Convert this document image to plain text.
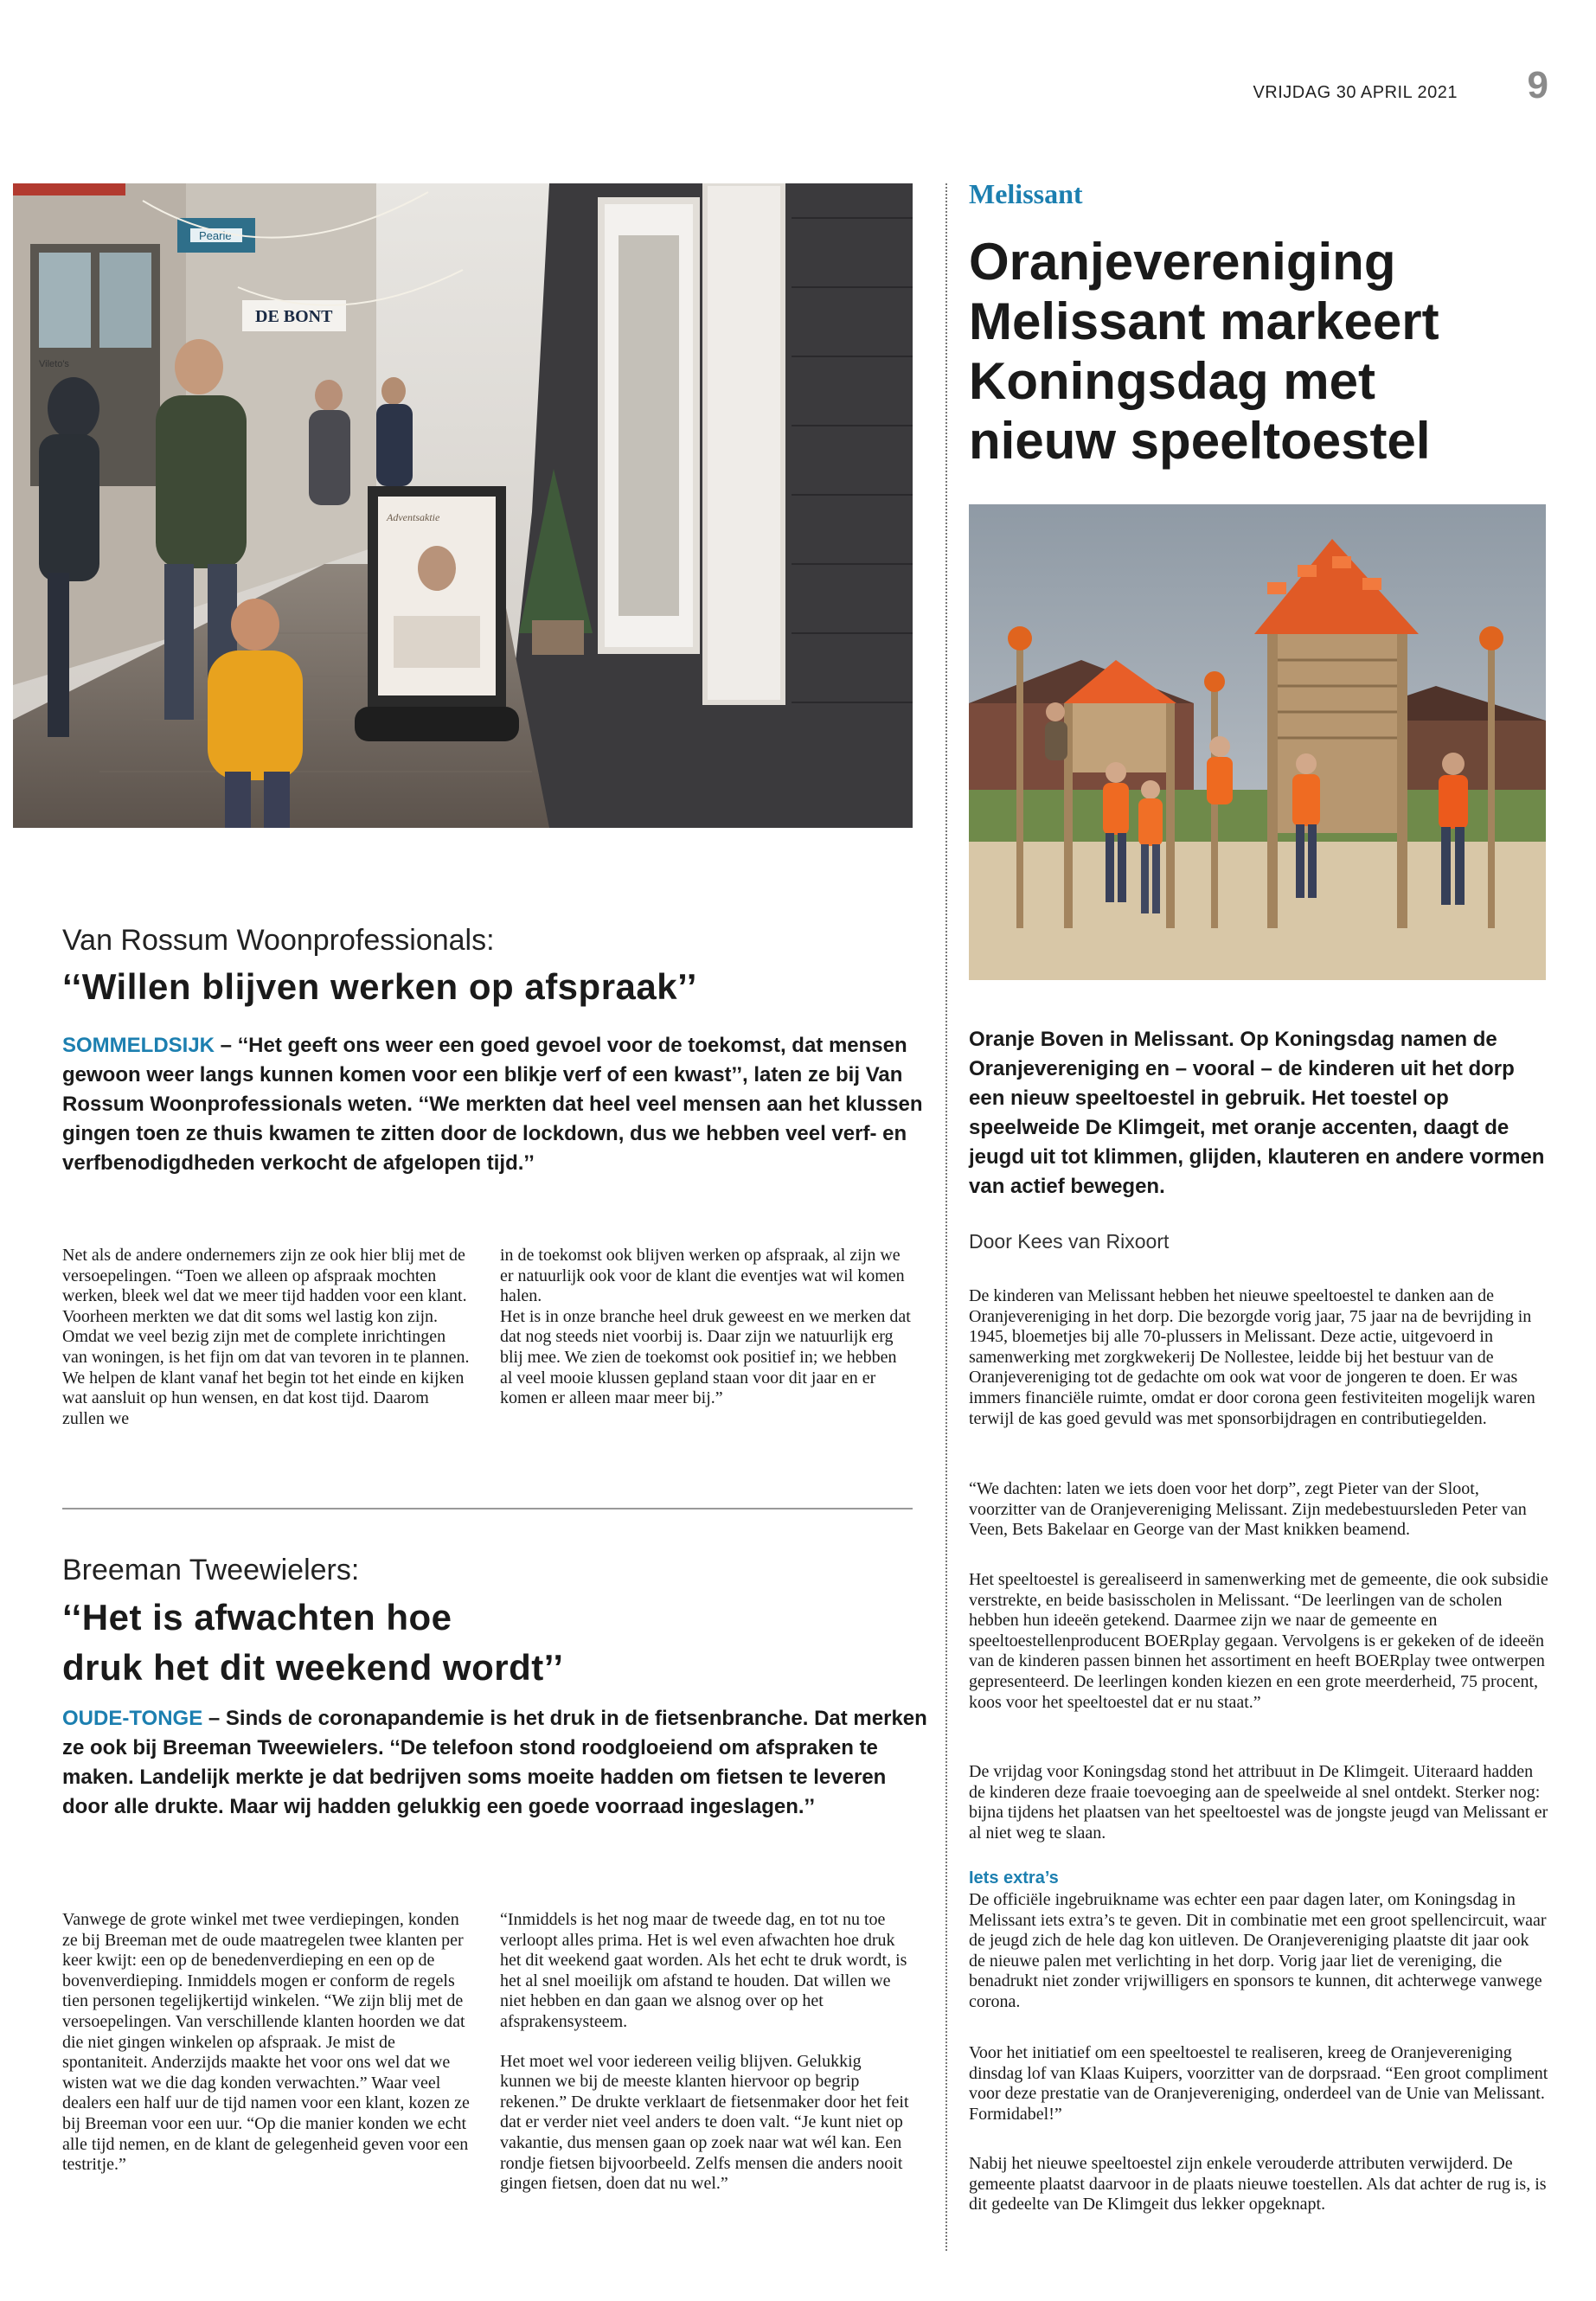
VRIJDAG 30 APRIL 2021 9
DE BONT
Pearle
Vileto's
Adventsaktie
Van Rossum Woonprofessionals:
‘‘Willen blijven werken op afspraak’’
SOMMELDSIJK – ‘‘Het geeft ons weer een goed gevoel voor de toekomst, dat mensen gewoon weer langs kunnen komen voor een blikje verf of een kwast’’, laten ze bij Van Rossum Woonprofessionals weten. ‘‘We merkten dat heel veel mensen aan het klussen gingen toen ze thuis kwamen te zitten door de lockdown, dus we hebben veel verf- en verfbenodigdheden verkocht de afgelopen tijd.’’

Net als de andere ondernemers zijn ze ook hier blij met de versoepelingen. “Toen we alleen op afspraak mochten werken, bleek wel dat we meer tijd hadden voor een klant. Voorheen merkten we dat dit soms wel lastig kon zijn. Omdat we veel bezig zijn met de complete inrichtingen van woningen, is het fijn om dat van tevoren in te plannen. We helpen de klant vanaf het begin tot het einde en kijken wat aansluit op hun wensen, en dat kost tijd. Daarom zullen we

in de toekomst ook blijven werken op afspraak, al zijn we er natuurlijk ook voor de klant die eventjes wat wil komen halen.

Het is in onze branche heel druk geweest en we merken dat dat nog steeds niet voorbij is. Daar zijn we natuurlijk erg blij mee. We zien de toekomst ook positief in; we hebben al veel mooie klussen gepland staan voor dit jaar en er komen er alleen maar meer bij.”

Breeman Tweewielers:
‘‘Het is afwachten hoe
druk het dit weekend wordt’’
OUDE-TONGE – Sinds de coronapandemie is het druk in de fietsenbranche. Dat merken ze ook bij Breeman Tweewielers. ‘‘De telefoon stond roodgloeiend om afspraken te maken. Landelijk merkte je dat bedrijven soms moeite hadden om fietsen te leveren door alle drukte. Maar wij hadden gelukkig een goede voorraad ingeslagen.’’

Vanwege de grote winkel met twee verdiepingen, konden ze bij Breeman met de oude maatregelen twee klanten per keer kwijt: een op de benedenverdieping en een op de bovenverdieping. Inmiddels mogen er conform de regels tien personen tegelijkertijd winkelen. “We zijn blij met de versoepelingen. Van verschillende klanten hoorden we dat die niet gingen winkelen op afspraak. Je mist de spontaniteit. Anderzijds maakte het voor ons wel dat we wisten wat we die dag konden verwachten.” Waar veel dealers een half uur de tijd namen voor een klant, kozen ze bij Breeman voor een uur. “Op die manier konden we echt alle tijd nemen, en de klant de gelegenheid geven voor een testritje.”

“Inmiddels is het nog maar de tweede dag, en tot nu toe verloopt alles prima. Het is wel even afwachten hoe druk het dit weekend gaat worden. Als het echt te druk wordt, is het al snel moeilijk om afstand te houden. Dat willen we niet hebben en dan gaan we alsnog over op het afsprakensysteem.

Het moet wel voor iedereen veilig blijven. Gelukkig kunnen we bij de meeste klanten hiervoor op begrip rekenen.” De drukte verklaart de fietsenmaker door het feit dat er verder niet veel anders te doen valt. “Je kunt niet op vakantie, dus mensen gaan op zoek naar wat wél kan. Een rondje fietsen bijvoorbeeld. Zelfs mensen die anders nooit gingen fietsen, doen dat nu wel.”

Melissant
Oranjevereniging
Melissant markeert
Koningsdag met
nieuw speeltoestel
Oranje Boven in Melissant. Op Koningsdag namen de Oranjevereniging en – vooral – de kinderen uit het dorp een nieuw speeltoestel in gebruik. Het toestel op speelweide De Klimgeit, met oranje accenten, daagt de jeugd uit tot klimmen, glijden, klauteren en andere vormen van actief bewegen.
Door Kees van Rixoort
De kinderen van Melissant hebben het nieuwe speeltoestel te danken aan de Oranjevereniging in het dorp. Die bezorgde vorig jaar, 75 jaar na de bevrijding in 1945, bloemetjes bij alle 70-plussers in Melissant. Deze actie, uitgevoerd in samenwerking met zorgkwekerij De Nollestee, leidde bij het bestuur van de Oranjevereniging tot de gedachte om ook wat voor de jongeren te doen. Er was immers financiële ruimte, omdat er door corona geen festiviteiten mogelijk waren terwijl de kas goed gevuld was met sponsorbijdragen en contributiegelden.
“We dachten: laten we iets doen voor het dorp”, zegt Pieter van der Sloot, voorzitter van de Oranjevereniging Melissant. Zijn medebestuursleden Peter van Veen, Bets Bakelaar en George van der Mast knikken beamend.
Het speeltoestel is gerealiseerd in samenwerking met de gemeente, die ook subsidie verstrekte, en beide basisscholen in Melissant. “De leerlingen van de scholen hebben hun ideeën getekend. Daarmee zijn we naar de gemeente en speeltoestellenproducent BOERplay gegaan. Vervolgens is er gekeken of de ideeën van de kinderen passen binnen het assortiment en heeft BOERplay twee ontwerpen gepresenteerd. De leerlingen konden kiezen en een grote meerderheid, 75 procent, koos voor het speeltoestel dat er nu staat.”
De vrijdag voor Koningsdag stond het attribuut in De Klimgeit. Uiteraard hadden de kinderen deze fraaie toevoeging aan de speelweide al snel ontdekt. Sterker nog: bijna tijdens het plaatsen van het speeltoestel was de jongste jeugd van Melissant er al niet weg te slaan.
Iets extra’s
De officiële ingebruikname was echter een paar dagen later, om Koningsdag in Melissant iets extra’s te geven. Dit in combinatie met een groot spellencircuit, waar de jeugd zich de hele dag kon uitleven. De Oranjevereniging plaatste dit jaar ook de nieuwe palen met verlichting in het dorp. Vorig jaar liet de vereniging, die benadrukt niet zonder vrijwilligers en sponsors te kunnen, dit achterwege vanwege corona.
Voor het initiatief om een speeltoestel te realiseren, kreeg de Oranjevereniging dinsdag lof van Klaas Kuipers, voorzitter van de dorpsraad. “Een groot compliment voor deze prestatie van de Oranjevereniging, onderdeel van de Unie van Melissant. Formidabel!”
Nabij het nieuwe speeltoestel zijn enkele verouderde attributen verwijderd. De gemeente plaatst daarvoor in de plaats nieuwe toestellen. Als dat achter de rug is, is dit gedeelte van De Klimgeit dus lekker opgeknapt.
